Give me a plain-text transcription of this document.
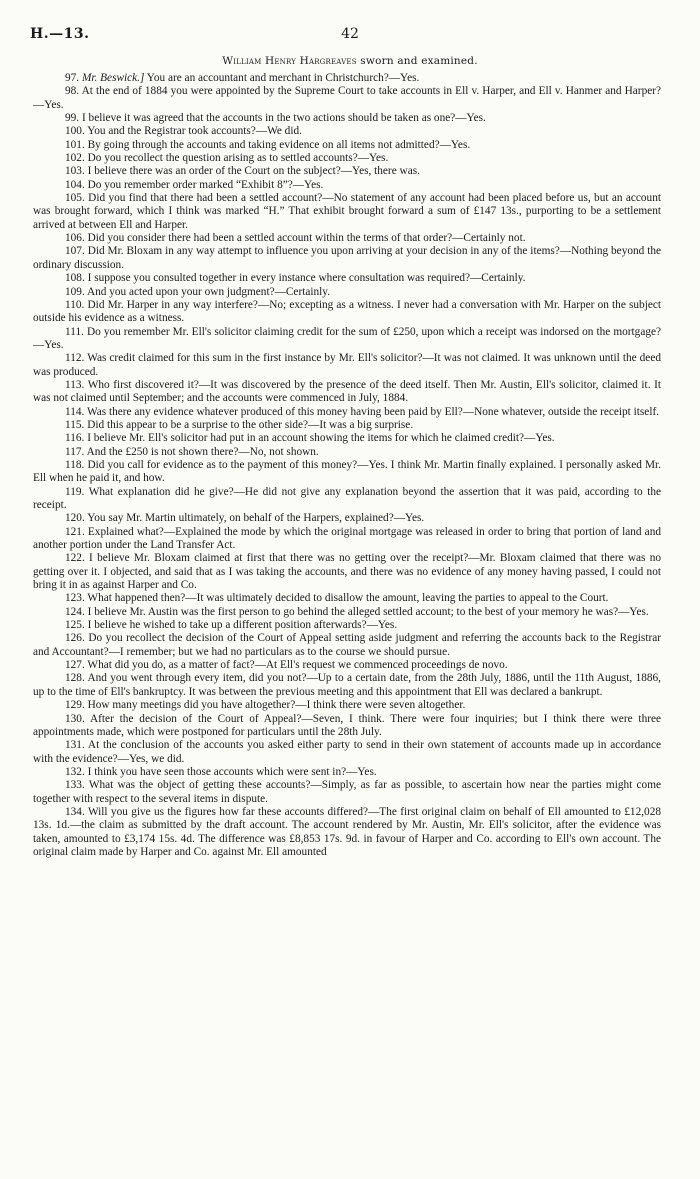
H.—13.	42
William Henry Hargreaves sworn and examined.

97. Mr. Beswick.] You are an accountant and merchant in Christchurch?—Yes.

98. At the end of 1884 you were appointed by the Supreme Court to take accounts in Ell v. Harper, and Ell v. Hanmer and Harper?—Yes.

99. I believe it was agreed that the accounts in the two actions should be taken as one?—Yes.

100. You and the Registrar took accounts?—We did.

101. By going through the accounts and taking evidence on all items not admitted?—Yes.

102. Do you recollect the question arising as to settled accounts?—Yes.

103. I believe there was an order of the Court on the subject?—Yes, there was.

104. Do you remember order marked “Exhibit 8”?—Yes.

105. Did you find that there had been a settled account?—No statement of any account had been placed before us, but an account was brought forward, which I think was marked “H.” That exhibit brought forward a sum of £147 13s., purporting to be a settlement arrived at between Ell and Harper.

106. Did you consider there had been a settled account within the terms of that order?—Certainly not.

107. Did Mr. Bloxam in any way attempt to influence you upon arriving at your decision in any of the items?—Nothing beyond the ordinary discussion.

108. I suppose you consulted together in every instance where consultation was required?—Certainly.

109. And you acted upon your own judgment?—Certainly.

110. Did Mr. Harper in any way interfere?—No; excepting as a witness. I never had a conversation with Mr. Harper on the subject outside his evidence as a witness.

111. Do you remember Mr. Ell's solicitor claiming credit for the sum of £250, upon which a receipt was indorsed on the mortgage?—Yes.

112. Was credit claimed for this sum in the first instance by Mr. Ell's solicitor?—It was not claimed. It was unknown until the deed was produced.

113. Who first discovered it?—It was discovered by the presence of the deed itself. Then Mr. Austin, Ell's solicitor, claimed it. It was not claimed until September; and the accounts were commenced in July, 1884.

114. Was there any evidence whatever produced of this money having been paid by Ell?—None whatever, outside the receipt itself.

115. Did this appear to be a surprise to the other side?—It was a big surprise.

116. I believe Mr. Ell's solicitor had put in an account showing the items for which he claimed credit?—Yes.

117. And the £250 is not shown there?—No, not shown.

118. Did you call for evidence as to the payment of this money?—Yes. I think Mr. Martin finally explained. I personally asked Mr. Ell when he paid it, and how.

119. What explanation did he give?—He did not give any explanation beyond the assertion that it was paid, according to the receipt.

120. You say Mr. Martin ultimately, on behalf of the Harpers, explained?—Yes.

121. Explained what?—Explained the mode by which the original mortgage was released in order to bring that portion of land and another portion under the Land Transfer Act.

122. I believe Mr. Bloxam claimed at first that there was no getting over the receipt?—Mr. Bloxam claimed that there was no getting over it. I objected, and said that as I was taking the accounts, and there was no evidence of any money having passed, I could not bring it in as against Harper and Co.

123. What happened then?—It was ultimately decided to disallow the amount, leaving the parties to appeal to the Court.

124. I believe Mr. Austin was the first person to go behind the alleged settled account; to the best of your memory he was?—Yes.

125. I believe he wished to take up a different position afterwards?—Yes.

126. Do you recollect the decision of the Court of Appeal setting aside judgment and referring the accounts back to the Registrar and Accountant?—I remember; but we had no particulars as to the course we should pursue.

127. What did you do, as a matter of fact?—At Ell's request we commenced proceedings de novo.

128. And you went through every item, did you not?—Up to a certain date, from the 28th July, 1886, until the 11th August, 1886, up to the time of Ell's bankruptcy. It was between the previous meeting and this appointment that Ell was declared a bankrupt.

129. How many meetings did you have altogether?—I think there were seven altogether.

130. After the decision of the Court of Appeal?—Seven, I think. There were four inquiries; but I think there were three appointments made, which were postponed for particulars until the 28th July.

131. At the conclusion of the accounts you asked either party to send in their own statement of accounts made up in accordance with the evidence?—Yes, we did.

132. I think you have seen those accounts which were sent in?—Yes.

133. What was the object of getting these accounts?—Simply, as far as possible, to ascertain how near the parties might come together with respect to the several items in dispute.

134. Will you give us the figures how far these accounts differed?—The first original claim on behalf of Ell amounted to £12,028 13s. 1d.—the claim as submitted by the draft account. The account rendered by Mr. Austin, Mr. Ell's solicitor, after the evidence was taken, amounted to £3,174 15s. 4d. The difference was £8,853 17s. 9d. in favour of Harper and Co. according to Ell's own account. The original claim made by Harper and Co. against Mr. Ell amounted
